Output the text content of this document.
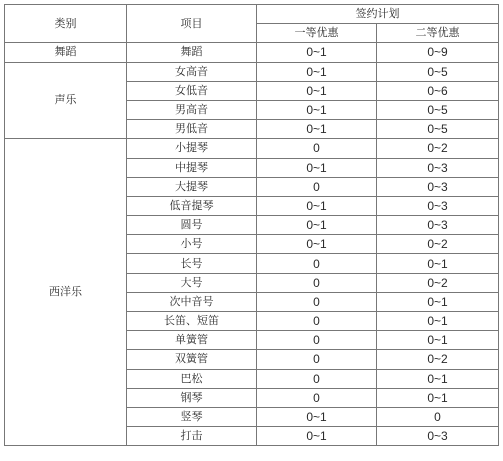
类别	项目	签约计划	
		一等优惠	二等优惠
舞蹈	舞蹈	0~1	0~9
声乐	女高音	0~1	0~5
	女低音	0~1	0~6
	男高音	0~1	0~5
	男低音	0~1	0~5
西洋乐	小提琴	0	0~2
	中提琴	0~1	0~3
	大提琴	0	0~3
	低音提琴	0~1	0~3
	圆号	0~1	0~3
	小号	0~1	0~2
	长号	0	0~1
	大号	0	0~2
	次中音号	0	0~1
	长笛、短笛	0	0~1
	单簧管	0	0~1
	双簧管	0	0~2
	巴松	0	0~1
	钢琴	0	0~1
	竖琴	0~1	0
	打击	0~1	0~3
